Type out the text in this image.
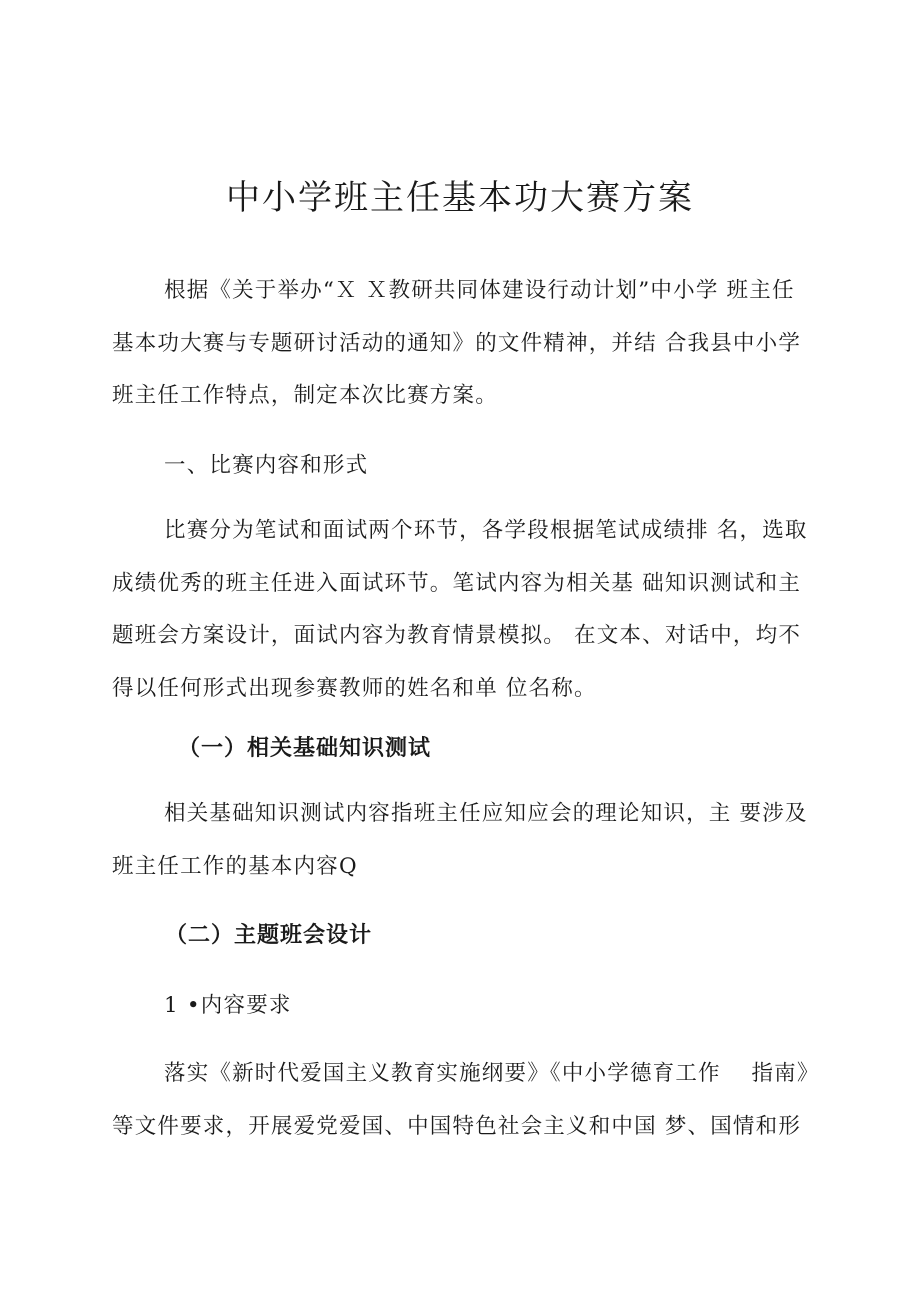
中小学班主任基本功大赛方案
根据《关于举办“Ｘ Ｘ教研共同体建设行动计划”中小学 班主任
基本功大赛与专题研讨活动的通知》的文件精神，并结 合我县中小学
班主任工作特点，制定本次比赛方案。
一、比赛内容和形式
比赛分为笔试和面试两个环节，各学段根据笔试成绩排 名，选取
成绩优秀的班主任进入面试环节。笔试内容为相关基 础知识测试和主
题班会方案设计，面试内容为教育情景模拟。 在文本、对话中，均不
得以任何形式出现参赛教师的姓名和单 位名称。
（一）相关基础知识测试
相关基础知识测试内容指班主任应知应会的理论知识，主 要涉及
班主任工作的基本内容Q
（二）主题班会设计
1 •内容要求
落实《新时代爱国主义教育实施纲要》《中小学德育工作　 指南》
等文件要求，开展爱党爱国、中国特色社会主义和中国 梦、国情和形
